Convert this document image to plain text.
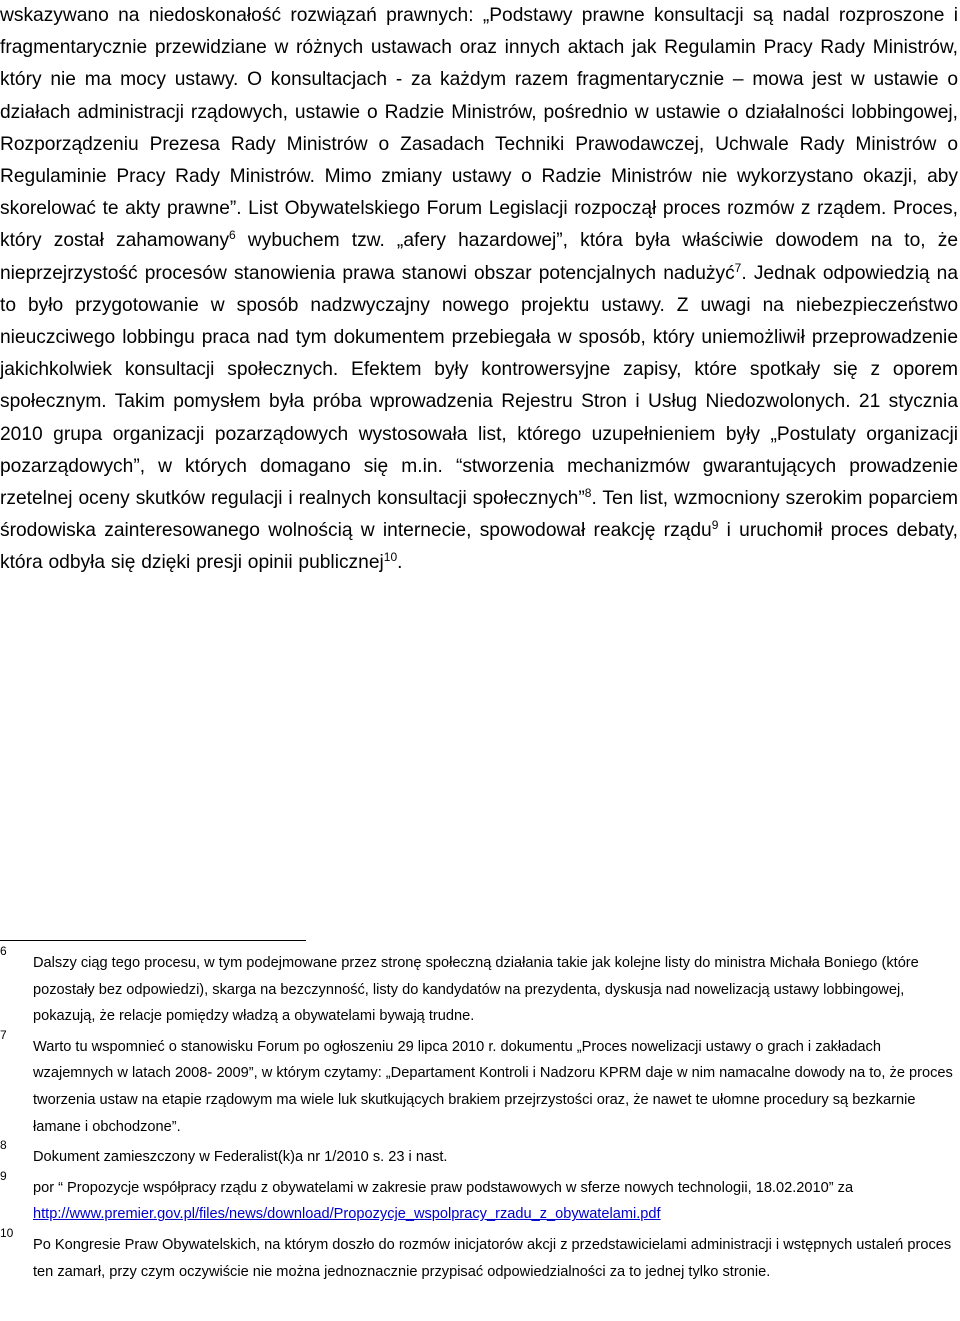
wskazywano na niedoskonałość rozwiązań prawnych: „Podstawy prawne konsultacji są nadal rozproszone i fragmentarycznie przewidziane w różnych ustawach oraz innych aktach jak Regulamin Pracy Rady Ministrów, który nie ma mocy ustawy. O konsultacjach - za każdym razem fragmentarycznie – mowa jest w ustawie o działach administracji rządowych, ustawie o Radzie Ministrów, pośrednio w ustawie o działalności lobbingowej, Rozporządzeniu Prezesa Rady Ministrów o Zasadach Techniki Prawodawczej, Uchwale Rady Ministrów o Regulaminie Pracy Rady Ministrów. Mimo zmiany ustawy o Radzie Ministrów nie wykorzystano okazji, aby skorelować te akty prawne”. List Obywatelskiego Forum Legislacji rozpoczął proces rozmów z rządem. Proces, który został zahamowany$^6$ wybuchem tzw. „afery hazardowej”, która była właściwie dowodem na to, że nieprzejrzystość procesów stanowienia prawa stanowi obszar potencjalnych nadużyć$^7$. Jednak odpowiedzią na to było przygotowanie w sposób nadzwyczajny nowego projektu ustawy. Z uwagi na niebezpieczeństwo nieuczciwego lobbingu praca nad tym dokumentem przebiegała w sposób, który uniemożliwił przeprowadzenie jakichkolwiek konsultacji społecznych. Efektem były kontrowersyjne zapisy, które spotkały się z oporem społecznym. Takim pomysłem była próba wprowadzenia Rejestru Stron i Usług Niedozwolonych. 21 stycznia 2010 grupa organizacji pozarządowych wystosowała list, którego uzupełnieniem były „Postulaty organizacji pozarządowych”, w których domagano się m.in. “stworzenia mechanizmów gwarantujących prowadzenie rzetelnej oceny skutków regulacji i realnych konsultacji społecznych”$^8$. Ten list, wzmocniony szerokim poparciem środowiska zainteresowanego wolnością w internecie, spowodował reakcję rządu$^9$ i uruchomił proces debaty, która odbyła się dzięki presji opinii publicznej$^{10}$.

6
Dalszy ciąg tego procesu, w tym podejmowane przez stronę społeczną działania takie jak kolejne listy do ministra Michała Boniego (które pozostały bez odpowiedzi), skarga na bezczynność, listy do kandydatów na prezydenta, dyskusja nad nowelizacją ustawy lobbingowej, pokazują, że relacje pomiędzy władzą a obywatelami bywają trudne.
7
Warto tu wspomnieć o stanowisku Forum po ogłoszeniu 29 lipca 2010 r. dokumentu „Proces nowelizacji ustawy o grach i zakładach wzajemnych w latach 2008- 2009”, w którym czytamy: „Departament Kontroli i Nadzoru KPRM daje w nim namacalne dowody na to, że proces tworzenia ustaw na etapie rządowym ma wiele luk skutkujących brakiem przejrzystości oraz, że nawet te ułomne procedury są bezkarnie łamane i obchodzone”.
8
Dokument zamieszczony w Federalist(k)a nr 1/2010 s. 23 i nast.
9
por “ Propozycje współpracy rządu z obywatelami w zakresie praw podstawowych w sferze nowych technologii, 18.02.2010” za http://www.premier.gov.pl/files/news/download/Propozycje_wspolpracy_rzadu_z_obywatelami.pdf
10
Po Kongresie Praw Obywatelskich, na którym doszło do rozmów inicjatorów akcji z przedstawicielami administracji i wstępnych ustaleń proces ten zamarł, przy czym oczywiście nie można jednoznacznie przypisać odpowiedzialności za to jednej tylko stronie.
